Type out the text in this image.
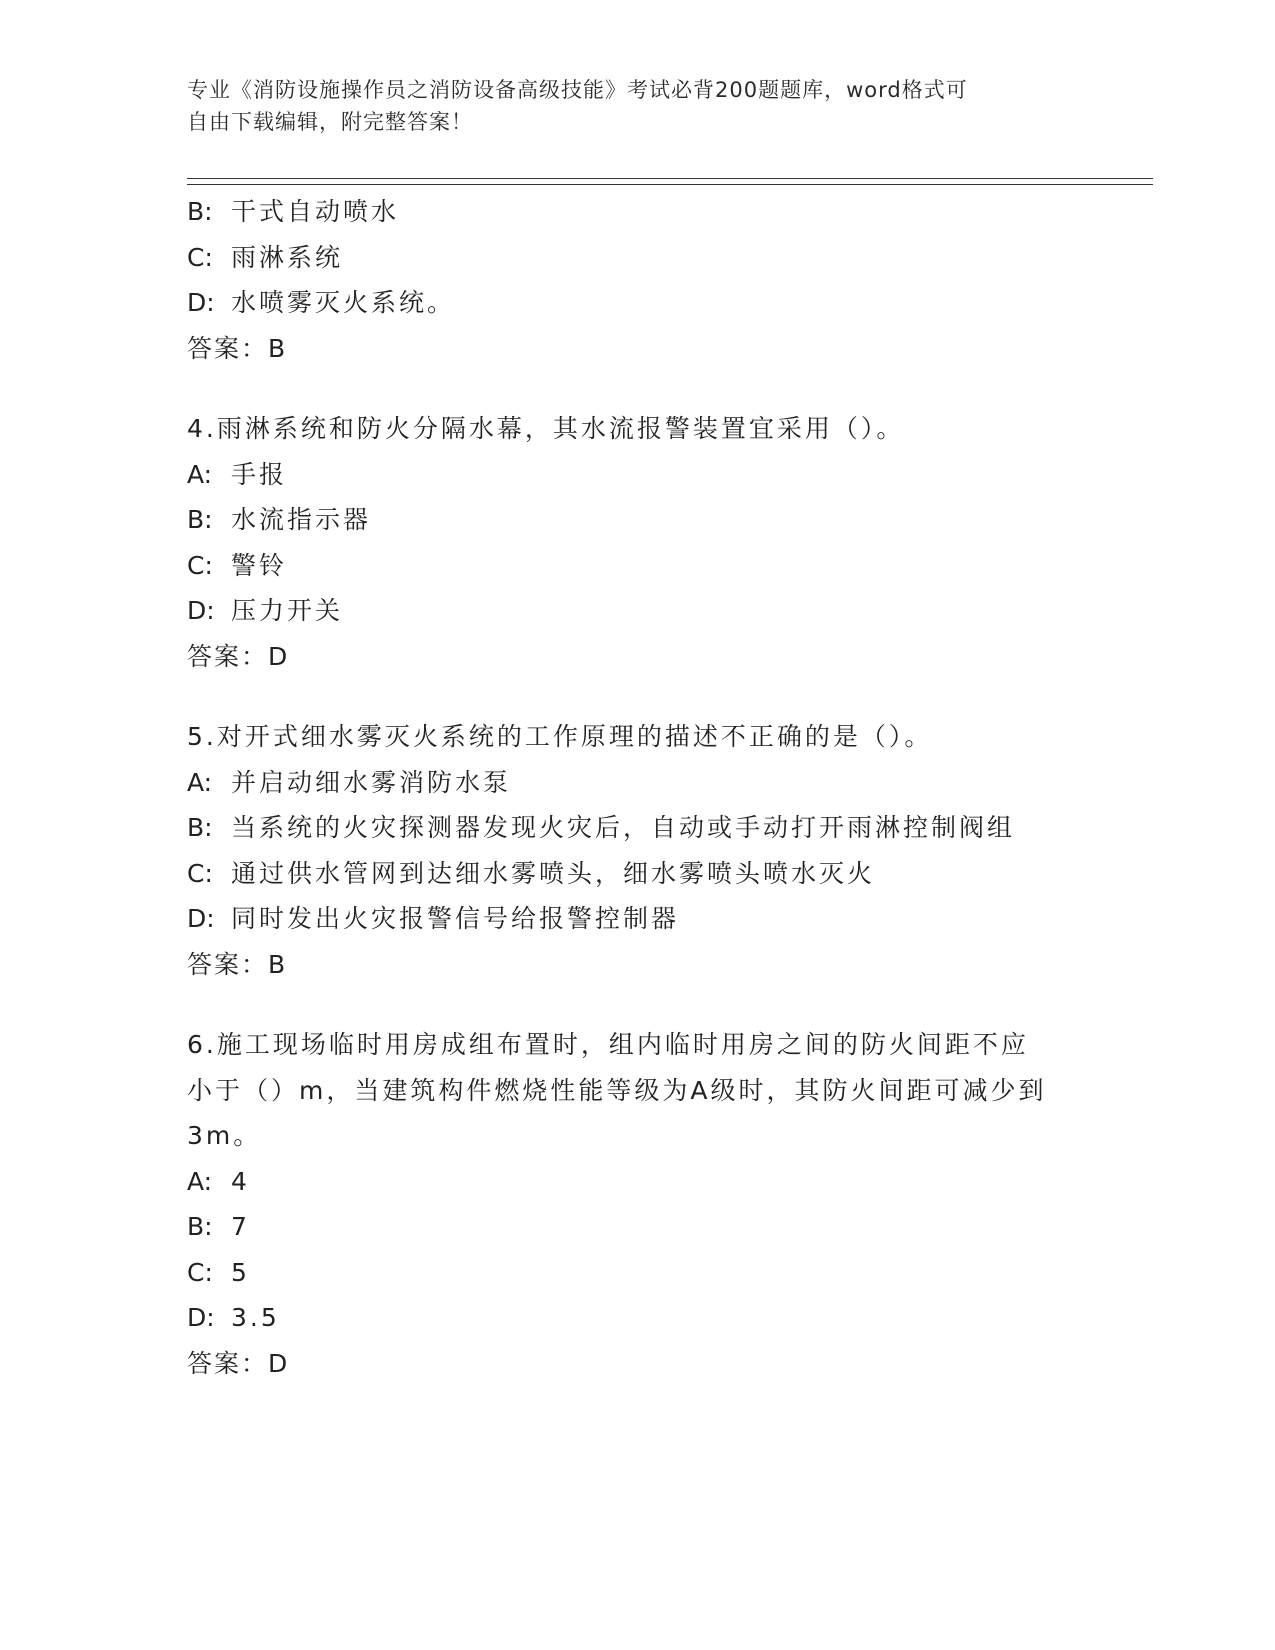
专业《消防设施操作员之消防设备高级技能》考试必背200题题库，word格式可
自由下载编辑，附完整答案！
B: 干式自动喷水
C: 雨淋系统
D: 水喷雾灭火系统。
答案：B
4.雨淋系统和防火分隔水幕，其水流报警装置宜采用（）。
A: 手报
B: 水流指示器
C: 警铃
D: 压力开关
答案：D
5.对开式细水雾灭火系统的工作原理的描述不正确的是（）。
A: 并启动细水雾消防水泵
B: 当系统的火灾探测器发现火灾后，自动或手动打开雨淋控制阀组
C: 通过供水管网到达细水雾喷头，细水雾喷头喷水灭火
D: 同时发出火灾报警信号给报警控制器
答案：B
6.施工现场临时用房成组布置时，组内临时用房之间的防火间距不应
小于（）m，当建筑构件燃烧性能等级为A级时，其防火间距可减少到
3m。
A: 4
B: 7
C: 5
D: 3.5
答案：D
